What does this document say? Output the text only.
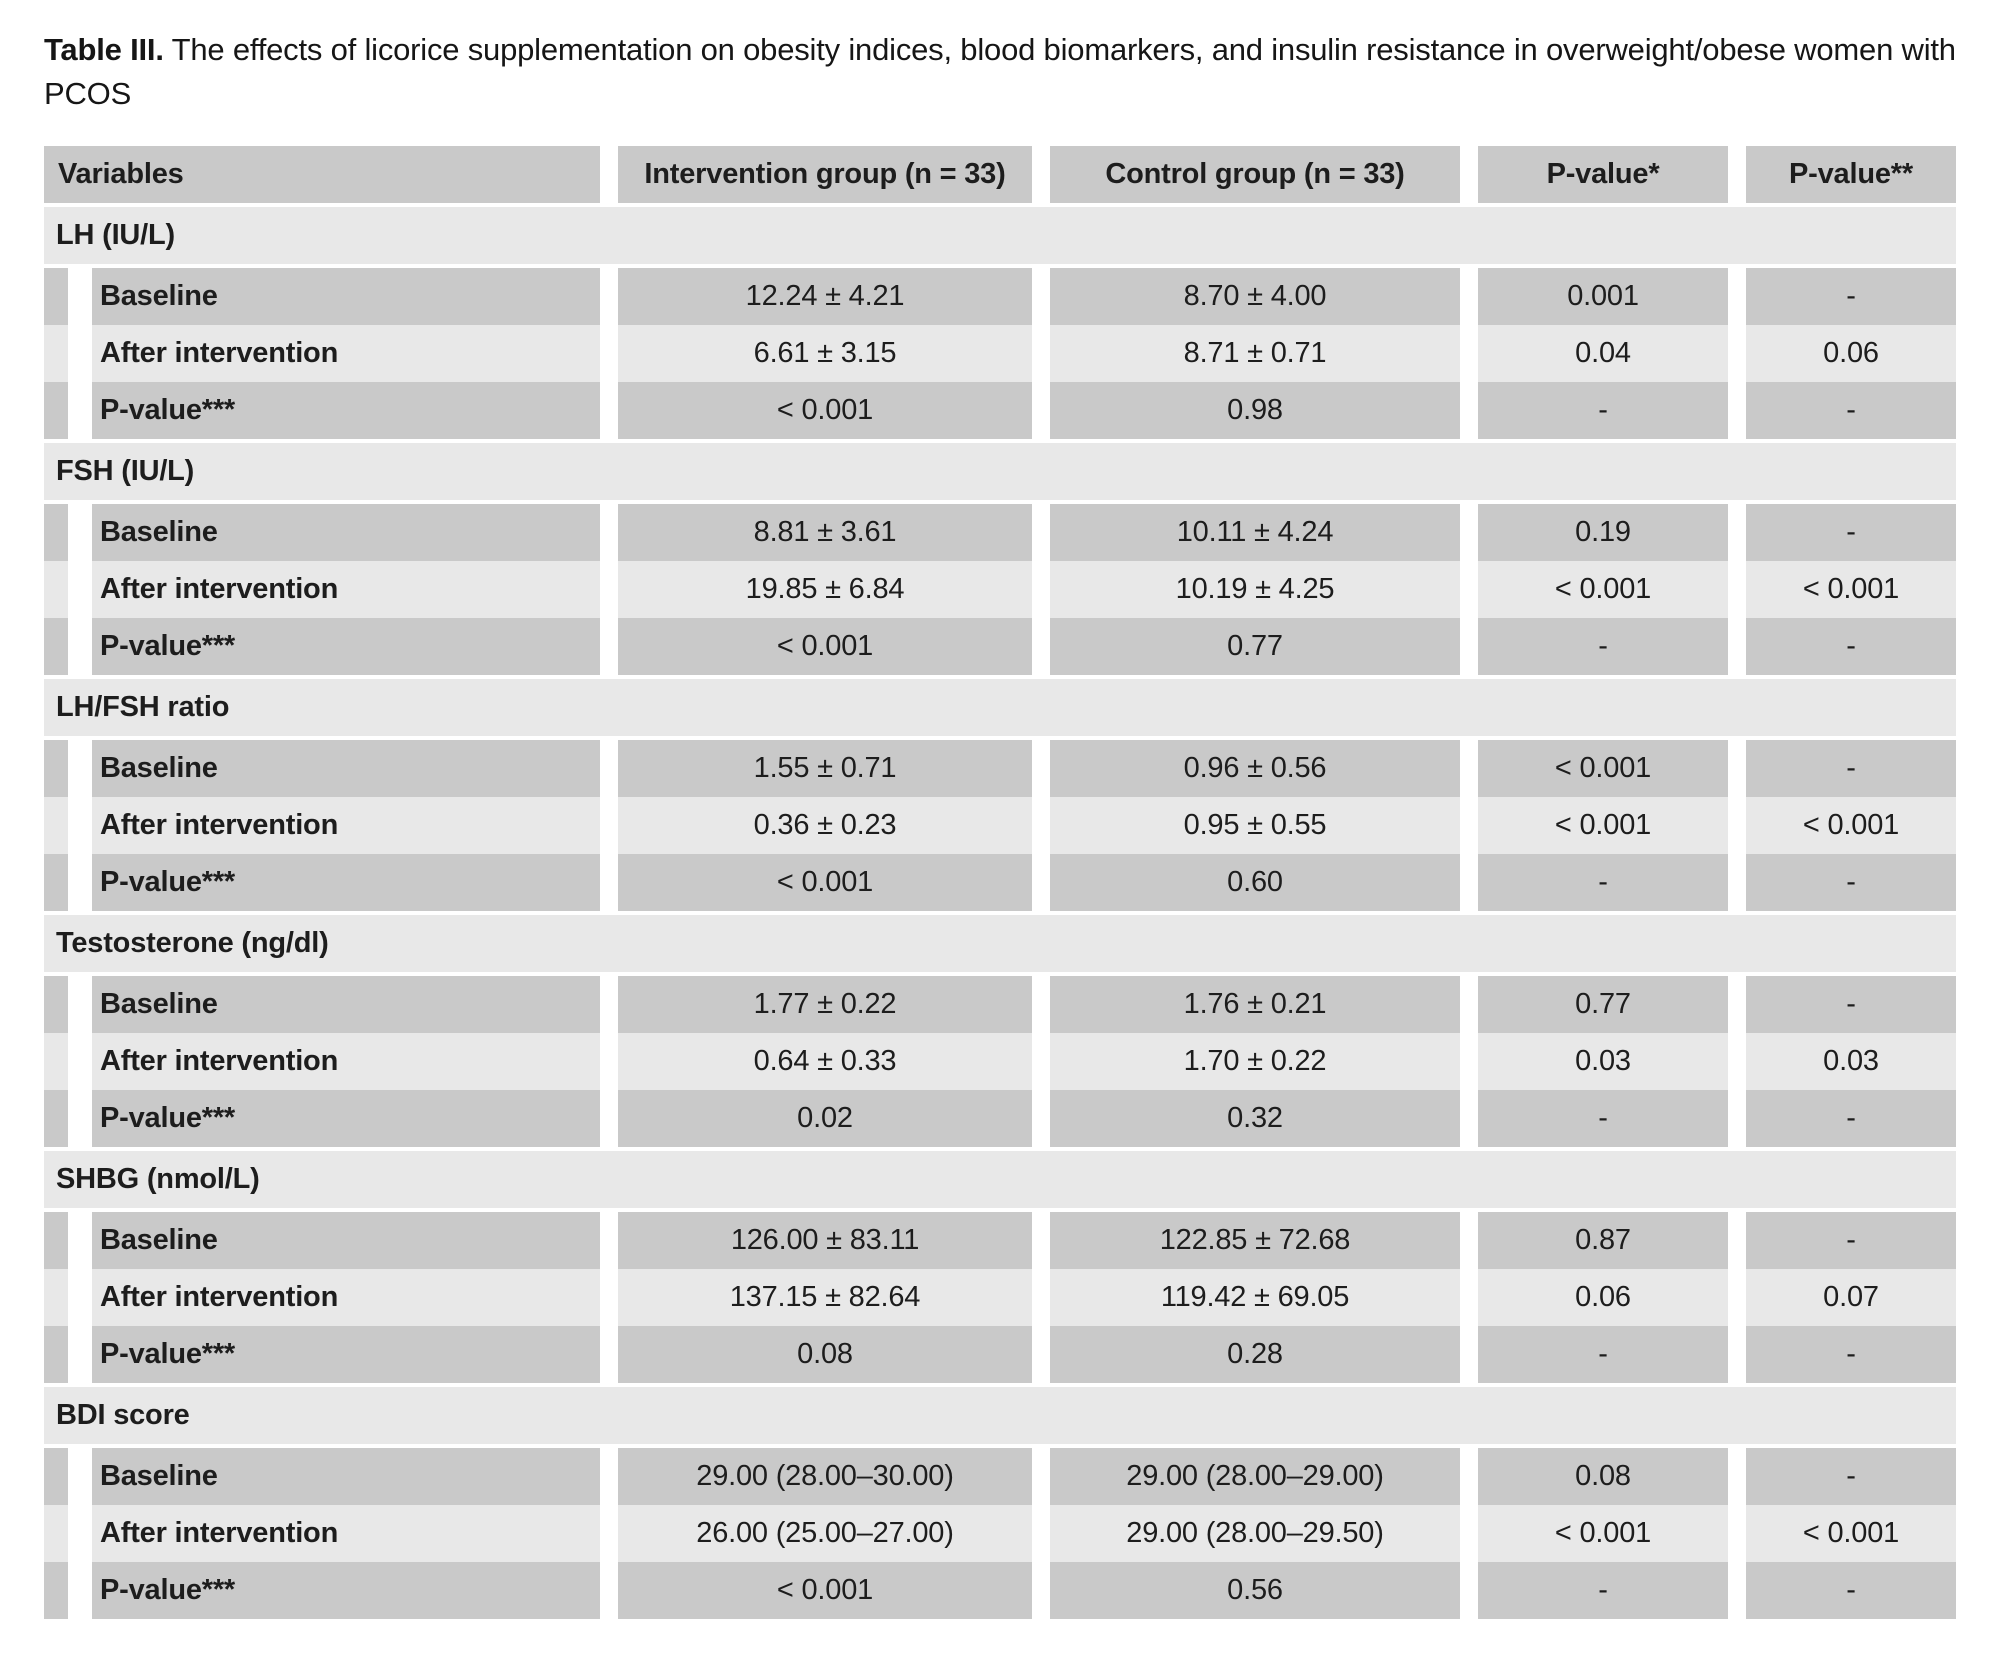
Table III. The effects of licorice supplementation on obesity indices, blood biomarkers, and insulin resistance in overweight/obese women with PCOS

Variables	Intervention group (n = 33)	Control group (n = 33)	P-value*	P-value**
LH (IU/L)
Baseline	12.24 ± 4.21	8.70 ± 4.00	0.001	-
After intervention	6.61 ± 3.15	8.71 ± 0.71	0.04	0.06
P-value***	< 0.001	0.98	-	-
FSH (IU/L)
Baseline	8.81 ± 3.61	10.11 ± 4.24	0.19	-
After intervention	19.85 ± 6.84	10.19 ± 4.25	< 0.001	< 0.001
P-value***	< 0.001	0.77	-	-
LH/FSH ratio
Baseline	1.55 ± 0.71	0.96 ± 0.56	< 0.001	-
After intervention	0.36 ± 0.23	0.95 ± 0.55	< 0.001	< 0.001
P-value***	< 0.001	0.60	-	-
Testosterone (ng/dl)
Baseline	1.77 ± 0.22	1.76 ± 0.21	0.77	-
After intervention	0.64 ± 0.33	1.70 ± 0.22	0.03	0.03
P-value***	0.02	0.32	-	-
SHBG (nmol/L)
Baseline	126.00 ± 83.11	122.85 ± 72.68	0.87	-
After intervention	137.15 ± 82.64	119.42 ± 69.05	0.06	0.07
P-value***	0.08	0.28	-	-
BDI score
Baseline	29.00 (28.00–30.00)	29.00 (28.00–29.00)	0.08	-
After intervention	26.00 (25.00–27.00)	29.00 (28.00–29.50)	< 0.001	< 0.001
P-value***	< 0.001	0.56	-	-
